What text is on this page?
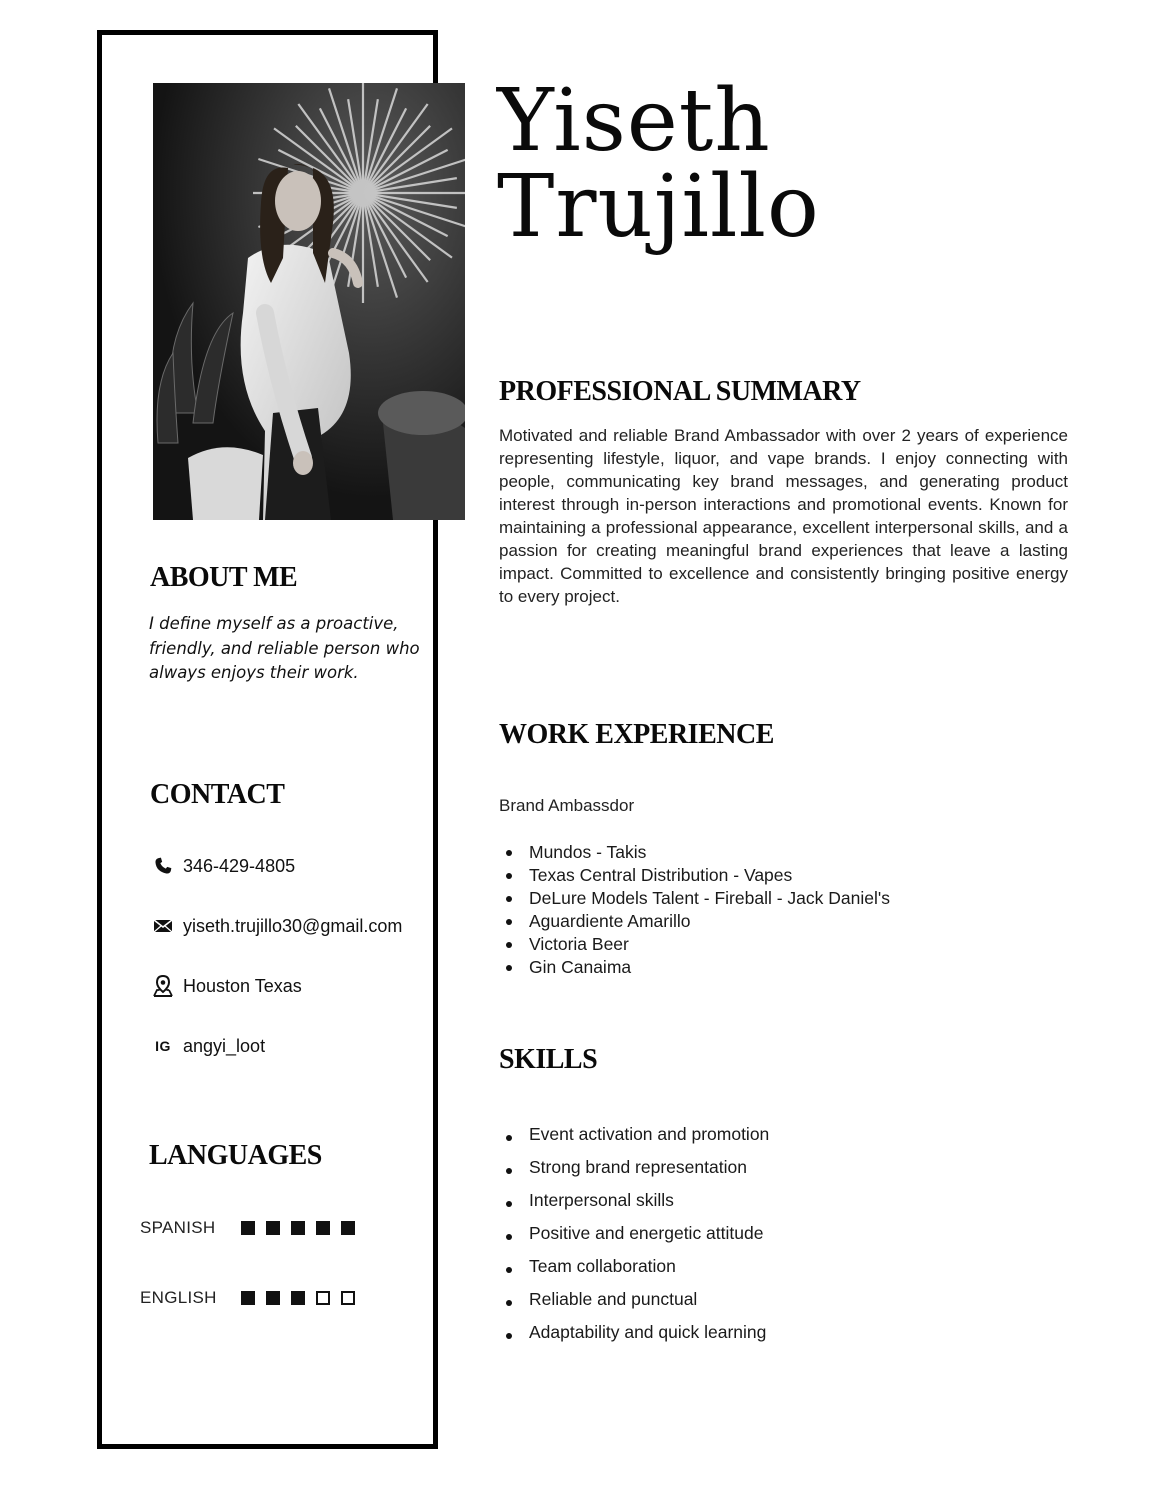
Yiseth
Trujillo
PROFESSIONAL SUMMARY
Motivated and reliable Brand Ambassador with over 2 years of experience representing lifestyle, liquor, and vape brands. I enjoy connecting with people, communicating key brand messages, and generating product interest through in-person interactions and promotional events. Known for maintaining a professional appearance, excellent interpersonal skills, and a passion for creating meaningful brand experiences that leave a lasting impact. Committed to excellence and consistently bringing positive energy to every project.
WORK EXPERIENCE
Brand Ambassdor
Mundos - Takis
Texas Central Distribution - Vapes
DeLure Models Talent - Fireball - Jack Daniel's
Aguardiente Amarillo
Victoria Beer
Gin Canaima
SKILLS
Event activation and promotion
Strong brand representation
Interpersonal skills
Positive and energetic attitude
Team collaboration
Reliable and punctual
Adaptability and quick learning
ABOUT ME
I define myself as a proactive, friendly, and reliable person who always enjoys their work.
CONTACT
346-429-4805
yiseth.trujillo30@gmail.com
Houston Texas
IG angyi_loot
LANGUAGES
SPANISH
ENGLISH
